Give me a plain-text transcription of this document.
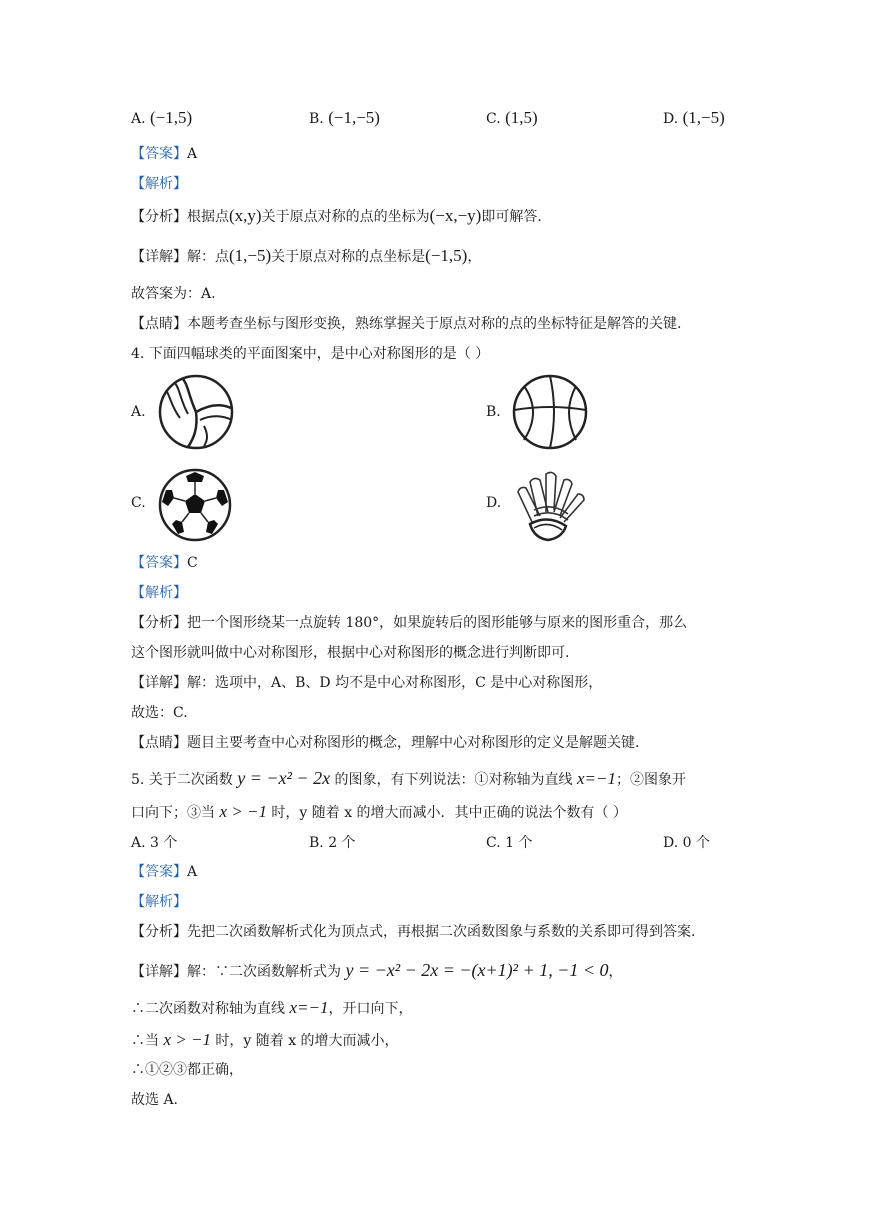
A. (−1,5)	B. (−1,−5)	C. (1,5)	D. (1,−5)
【答案】A
【解析】
【分析】根据点(x,y)关于原点对称的点的坐标为(−x,−y)即可解答.
【详解】解：点(1,−5)关于原点对称的点坐标是(−1,5)，
故答案为：A.
【点睛】本题考查坐标与图形变换，熟练掌握关于原点对称的点的坐标特征是解答的关键.
4. 下面四幅球类的平面图案中，是中心对称图形的是（ ）
A.	B.
C.	D.
【答案】C
【解析】
【分析】把一个图形绕某一点旋转 180°，如果旋转后的图形能够与原来的图形重合，那么
这个图形就叫做中心对称图形，根据中心对称图形的概念进行判断即可.
【详解】解：选项中，A、B、D 均不是中心对称图形，C 是中心对称图形，
故选：C.
【点睛】题目主要考查中心对称图形的概念，理解中心对称图形的定义是解题关键.
5. 关于二次函数 y = −x² − 2x 的图象，有下列说法：①对称轴为直线 x=−1；②图象开
口向下；③当 x > −1 时，y 随着 x 的增大而减小．其中正确的说法个数有（ ）
A. 3 个	B. 2 个	C. 1 个	D. 0 个
【答案】A
【解析】
【分析】先把二次函数解析式化为顶点式，再根据二次函数图象与系数的关系即可得到答案.
【详解】解：∵二次函数解析式为 y = −x² − 2x = −(x+1)² + 1, −1 < 0，
∴二次函数对称轴为直线 x=−1，开口向下，
∴当 x > −1 时，y 随着 x 的增大而减小，
∴①②③都正确，
故选 A.
